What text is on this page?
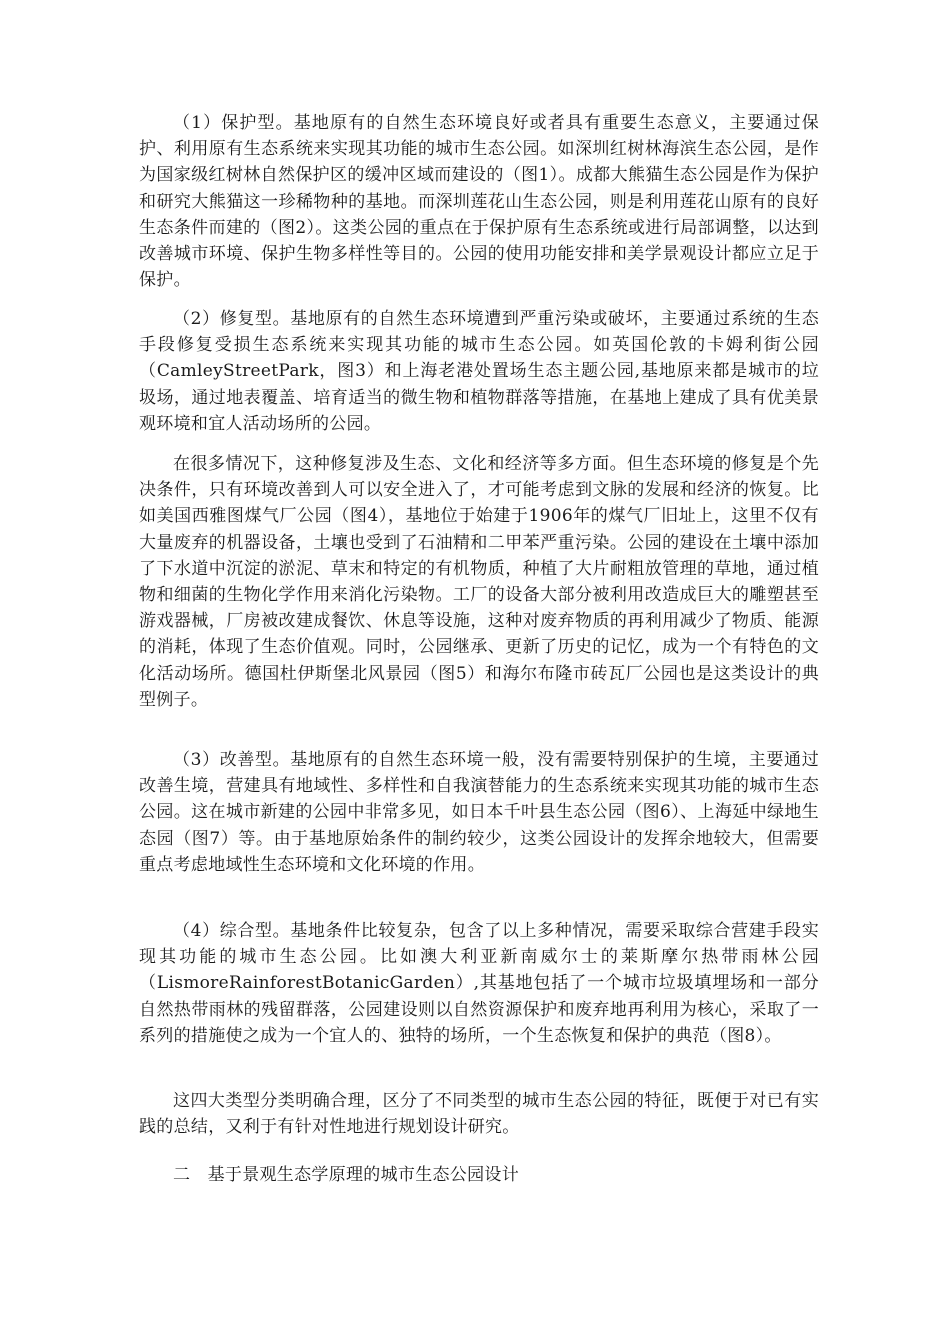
（1）保护型。基地原有的自然生态环境良好或者具有重要生态意义，主要通过保护、利用原有生态系统来实现其功能的城市生态公园。如深圳红树林海滨生态公园，是作为国家级红树林自然保护区的缓冲区域而建设的（图1）。成都大熊猫生态公园是作为保护和研究大熊猫这一珍稀物种的基地。而深圳莲花山生态公园，则是利用莲花山原有的良好生态条件而建的（图2）。这类公园的重点在于保护原有生态系统或进行局部调整，以达到改善城市环境、保护生物多样性等目的。公园的使用功能安排和美学景观设计都应立足于保护。

（2）修复型。基地原有的自然生态环境遭到严重污染或破坏，主要通过系统的生态手段修复受损生态系统来实现其功能的城市生态公园。如英国伦敦的卡姆利街公园（CamleyStreetPark，图3）和上海老港处置场生态主题公园,基地原来都是城市的垃圾场，通过地表覆盖、培育适当的微生物和植物群落等措施，在基地上建成了具有优美景观环境和宜人活动场所的公园。

在很多情况下，这种修复涉及生态、文化和经济等多方面。但生态环境的修复是个先决条件，只有环境改善到人可以安全进入了，才可能考虑到文脉的发展和经济的恢复。比如美国西雅图煤气厂公园（图4），基地位于始建于1906年的煤气厂旧址上，这里不仅有大量废弃的机器设备，土壤也受到了石油精和二甲苯严重污染。公园的建设在土壤中添加了下水道中沉淀的淤泥、草末和特定的有机物质，种植了大片耐粗放管理的草地，通过植物和细菌的生物化学作用来消化污染物。工厂的设备大部分被利用改造成巨大的雕塑甚至游戏器械，厂房被改建成餐饮、休息等设施，这种对废弃物质的再利用减少了物质、能源的消耗，体现了生态价值观。同时，公园继承、更新了历史的记忆，成为一个有特色的文化活动场所。德国杜伊斯堡北风景园（图5）和海尔布隆市砖瓦厂公园也是这类设计的典型例子。

（3）改善型。基地原有的自然生态环境一般，没有需要特别保护的生境，主要通过改善生境，营建具有地域性、多样性和自我演替能力的生态系统来实现其功能的城市生态公园。这在城市新建的公园中非常多见，如日本千叶县生态公园（图6）、上海延中绿地生态园（图7）等。由于基地原始条件的制约较少，这类公园设计的发挥余地较大，但需要重点考虑地域性生态环境和文化环境的作用。

（4）综合型。基地条件比较复杂，包含了以上多种情况，需要采取综合营建手段实现其功能的城市生态公园。比如澳大利亚新南威尔士的莱斯摩尔热带雨林公园（LismoreRainforestBotanicGarden）,其基地包括了一个城市垃圾填埋场和一部分自然热带雨林的残留群落，公园建设则以自然资源保护和废弃地再利用为核心，采取了一系列的措施使之成为一个宜人的、独特的场所，一个生态恢复和保护的典范（图8）。

这四大类型分类明确合理，区分了不同类型的城市生态公园的特征，既便于对已有实践的总结，又利于有针对性地进行规划设计研究。

二　基于景观生态学原理的城市生态公园设计
